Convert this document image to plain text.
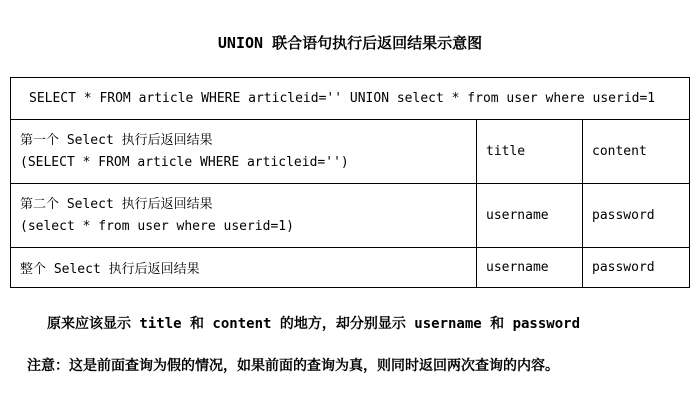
UNION 联合语句执行后返回结果示意图
SELECT * FROM article WHERE articleid='' UNION select * from user where userid=1		

第一个 Select 执行后返回结果
(SELECT * FROM article WHERE articleid='')	title	content

第二个 Select 执行后返回结果
(select * from user where userid=1)	username	password
整个 Select 执行后返回结果	username	password
原来应该显示 title 和 content 的地方，却分别显示 username 和 password
注意：这是前面查询为假的情况，如果前面的查询为真，则同时返回两次查询的内容。
